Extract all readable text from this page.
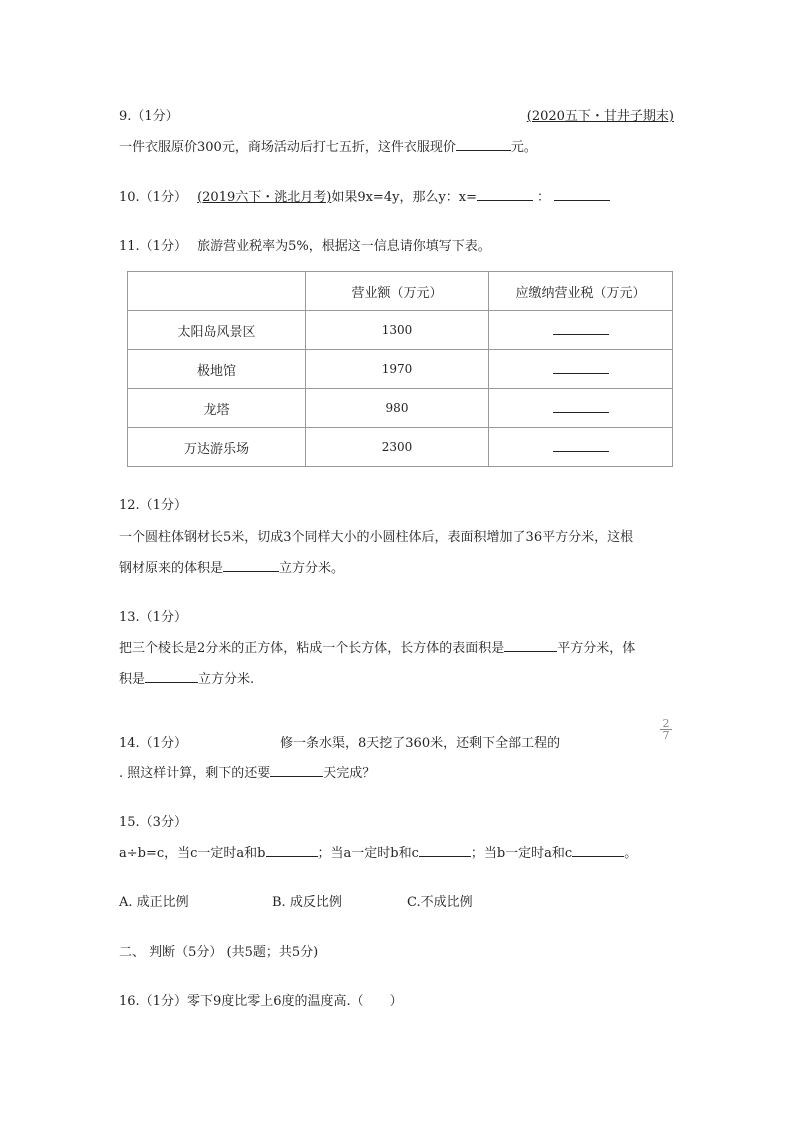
9.（1分）	(2020五下・甘井子期末)
一件衣服原价300元，商场活动后打七五折，这件衣服现价	元。
10.（1分） (2019六下・洮北月考)如果9x=4y，那么y：x=	：
11.（1分） 旅游营业税率为5%，根据这一信息请你填写下表。
	营业额（万元）	应缴纳营业税（万元）
太阳岛风景区	1300	
极地馆	1970	
龙塔	980	
万达游乐场	2300	
12.（1分）
一个圆柱体钢材长5米，切成3个同样大小的小圆柱体后，表面积增加了36平方分米，这根
钢材原来的体积是	立方分米。
13.（1分）
把三个棱长是2分米的正方体，粘成一个长方体，长方体的表面积是	平方分米，体
积是	立方分米.
14.（1分）	修一条水渠，8天挖了360米，还剩下全部工程的
2
7
. 照这样计算，剩下的还要	天完成？
15.（3分）
a÷b=c，当c一定时a和b	；当a一定时b和c	；当b一定时a和c	。
A. 成正比例	B. 成反比例	C.不成比例
二、 判断（5分） (共5题；共5分)
16.（1分）零下9度比零上6度的温度高.（　　）
